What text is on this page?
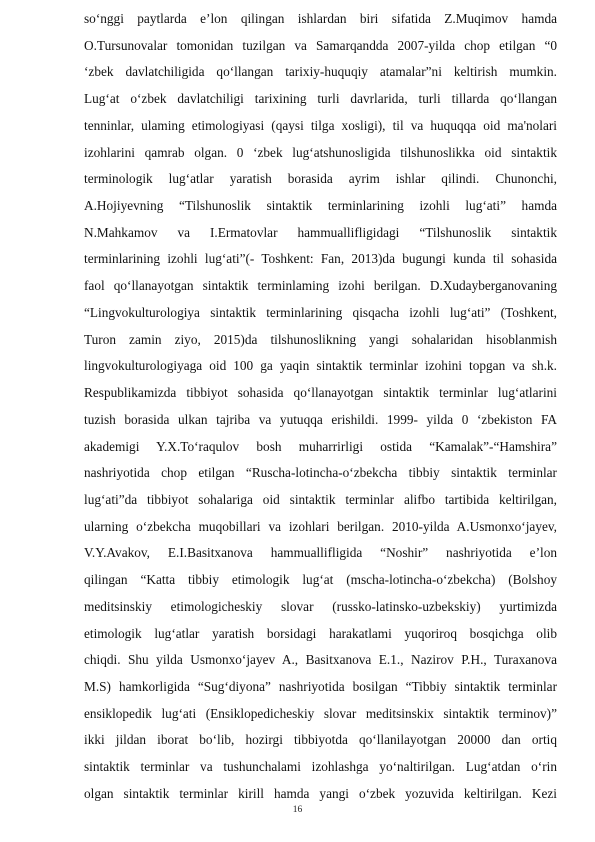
so‘nggi paytlarda e’lon qilingan ishlardan biri sifatida Z.Muqimov hamda
O.Tursunovalar tomonidan tuzilgan va Samarqandda 2007-yilda chop etilgan “0
‘zbek davlatchiligida qo‘llangan tarixiy-huquqiy atamalar”ni keltirish mumkin.
Lug‘at o‘zbek davlatchiligi tarixining turli davrlarida, turli tillarda qo‘llangan
tenninlar, ulaming etimologiyasi (qaysi tilga xosligi), til va huquqqa oid ma'nolari
izohlarini qamrab olgan. 0 ‘zbek lug‘atshunosligida tilshunoslikka oid sintaktik
terminologik lug‘atlar yaratish borasida ayrim ishlar qilindi. Chunonchi,
A.Hojiyevning “Tilshunoslik sintaktik terminlarining izohli lug‘ati” hamda
N.Mahkamov va I.Ermatovlar hammuallifligidagi “Tilshunoslik sintaktik
terminlarining izohli lug‘ati”(- Toshkent: Fan, 2013)da bugungi kunda til sohasida
faol qo‘llanayotgan sintaktik terminlaming izohi berilgan. D.Xudayberganovaning
“Lingvokulturologiya sintaktik terminlarining qisqacha izohli lug‘ati” (Toshkent,
Turon zamin ziyo, 2015)da tilshunoslikning yangi sohalaridan hisoblanmish
lingvokulturologiyaga oid 100 ga yaqin sintaktik terminlar izohini topgan va sh.k.
Respublikamizda tibbiyot sohasida qo‘llanayotgan sintaktik terminlar lug‘atlarini
tuzish borasida ulkan tajriba va yutuqqa erishildi. 1999- yilda 0 ‘zbekiston FA
akademigi Y.X.To‘raqulov bosh muharrirligi ostida “Kamalak”-“Hamshira”
nashriyotida chop etilgan “Ruscha-lotincha-o‘zbekcha tibbiy sintaktik terminlar
lug‘ati”da tibbiyot sohalariga oid sintaktik terminlar alifbo tartibida keltirilgan,
ularning o‘zbekcha muqobillari va izohlari berilgan. 2010-yilda A.Usmonxo‘jayev,
V.Y.Avakov, E.I.Basitxanova hammuallifligida “Noshir” nashriyotida e’lon
qilingan “Katta tibbiy etimologik lug‘at (mscha-lotincha-o‘zbekcha) (Bolshoy
meditsinskiy etimologicheskiy slovar (russko-latinsko-uzbekskiy) yurtimizda
etimologik lug‘atlar yaratish borsidagi harakatlami yuqoriroq bosqichga olib
chiqdi. Shu yilda Usmonxo‘jayev A., Basitxanova E.1., Nazirov P.H., Turaxanova
M.S) hamkorligida “Sug‘diyona” nashriyotida bosilgan “Tibbiy sintaktik terminlar
ensiklopedik lug‘ati (Ensiklopedicheskiy slovar meditsinskix sintaktik terminov)”
ikki jildan iborat bo‘lib, hozirgi tibbiyotda qo‘llanilayotgan 20000 dan ortiq
sintaktik terminlar va tushunchalami izohlashga yo‘naltirilgan. Lug‘atdan o‘rin
olgan sintaktik terminlar kirill hamda yangi o‘zbek yozuvida keltirilgan. Kezi
16
